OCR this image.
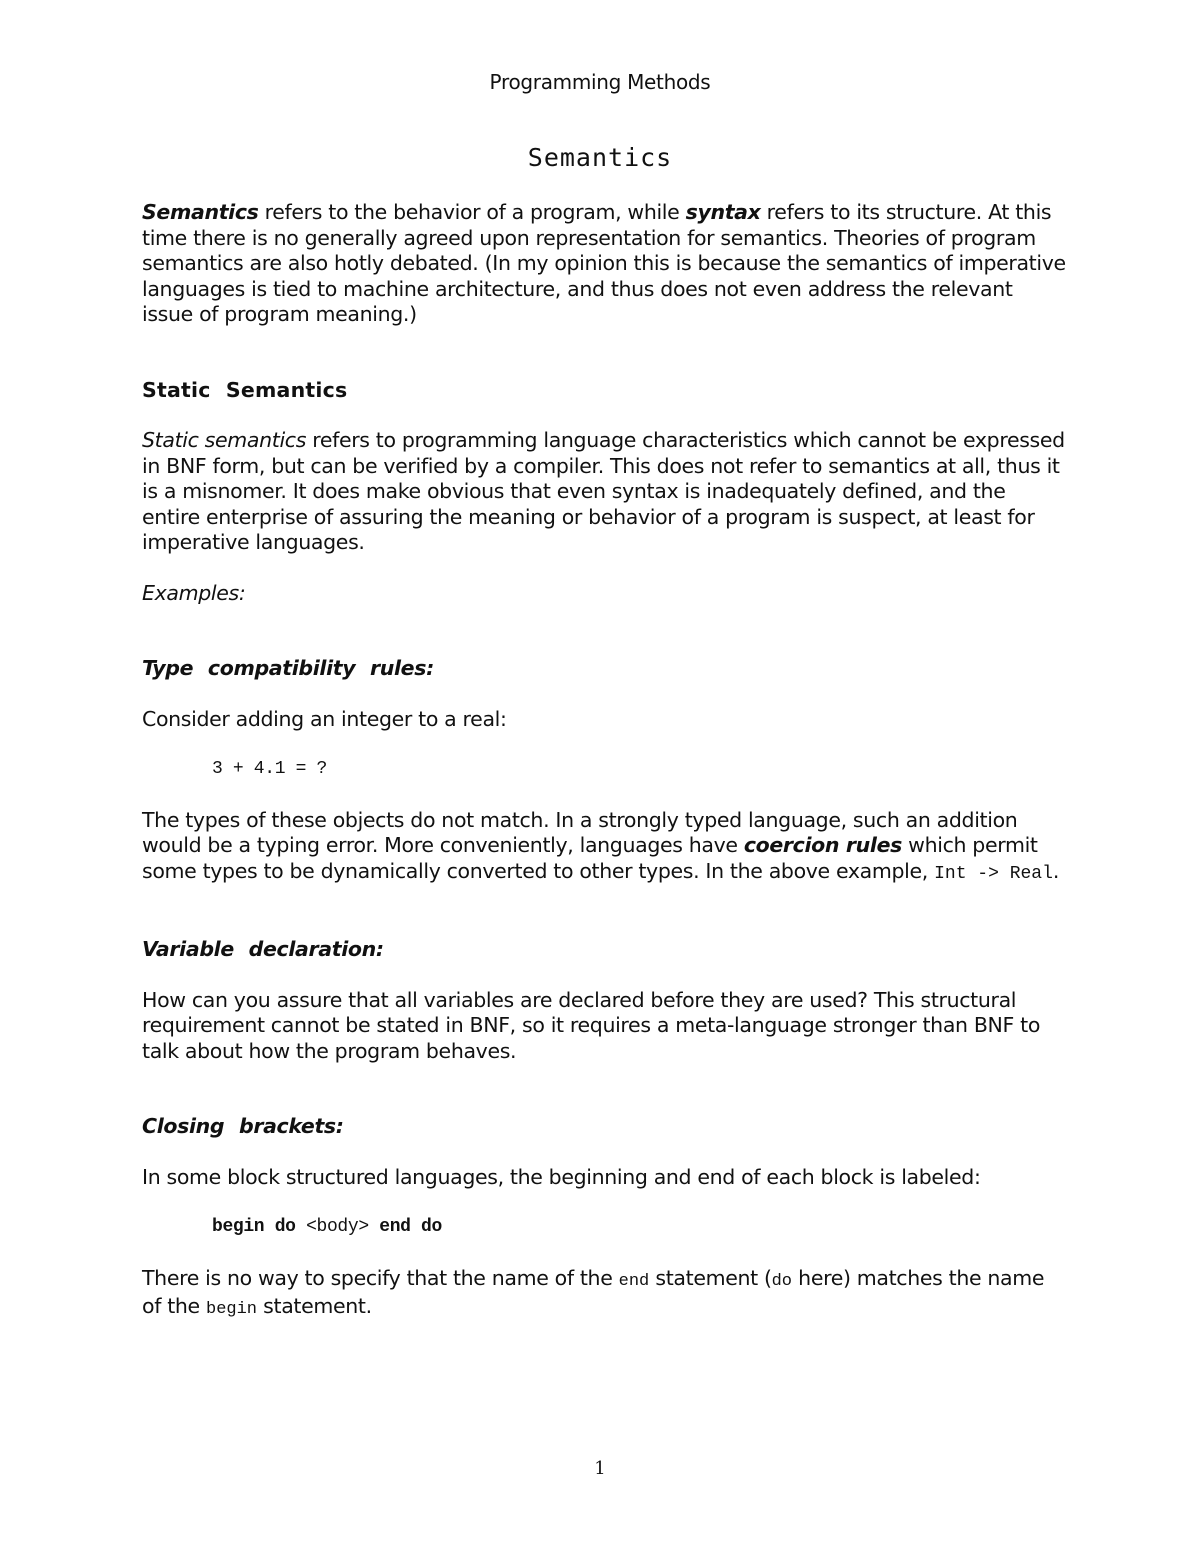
Programming Methods
Semantics

Semantics refers to the behavior of a program, while syntax refers to its structure. At this time there is no generally agreed upon representation for semantics. Theories of program semantics are also hotly debated. (In my opinion this is because the semantics of imperative languages is tied to machine architecture, and thus does not even address the relevant issue of program meaning.)

Static Semantics

Static semantics refers to programming language characteristics which cannot be expressed in BNF form, but can be verified by a compiler. This does not refer to semantics at all, thus it is a misnomer. It does make obvious that even syntax is inadequately defined, and the entire enterprise of assuring the meaning or behavior of a program is suspect, at least for imperative languages.

Examples:

Type compatibility rules:

Consider adding an integer to a real:

3 + 4.1 = ?

The types of these objects do not match. In a strongly typed language, such an addition would be a typing error. More conveniently, languages have coercion rules which permit some types to be dynamically converted to other types. In the above example, Int -> Real.

Variable declaration:

How can you assure that all variables are declared before they are used? This structural requirement cannot be stated in BNF, so it requires a meta-language stronger than BNF to talk about how the program behaves.

Closing brackets:

In some block structured languages, the beginning and end of each block is labeled:

begin do <body> end do

There is no way to specify that the name of the end statement (do here) matches the name of the begin statement.

1
